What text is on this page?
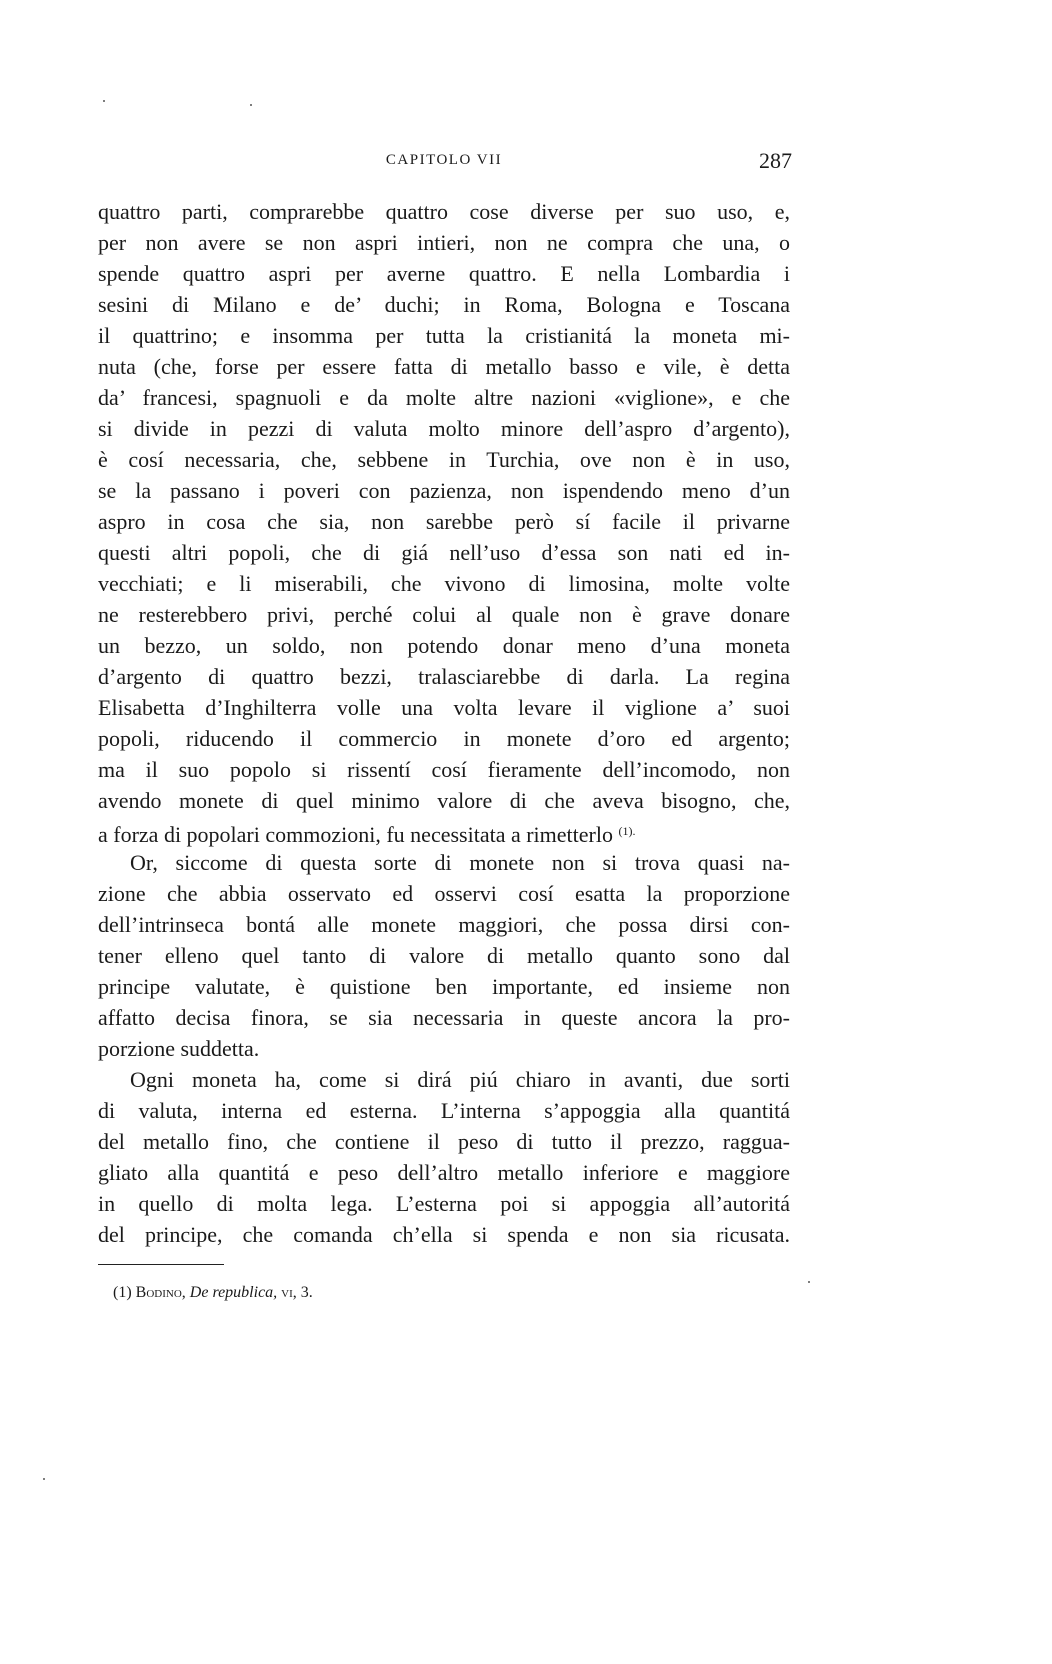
CAPITOLO VII	287
quattro parti, comprarebbe quattro cose diverse per suo uso, e,
per non avere se non aspri intieri, non ne compra che una, o
spende quattro aspri per averne quattro. E nella Lombardia i
sesini di Milano e de’ duchi; in Roma, Bologna e Toscana
il quattrino; e insomma per tutta la cristianitá la moneta mi-
nuta (che, forse per essere fatta di metallo basso e vile, è detta
da’ francesi, spagnuoli e da molte altre nazioni «viglione», e che
si divide in pezzi di valuta molto minore dell’aspro d’argento),
è cosí necessaria, che, sebbene in Turchia, ove non è in uso,
se la passano i poveri con pazienza, non ispendendo meno d’un
aspro in cosa che sia, non sarebbe però sí facile il privarne
questi altri popoli, che di giá nell’uso d’essa son nati ed in-
vecchiati; e li miserabili, che vivono di limosina, molte volte
ne resterebbero privi, perché colui al quale non è grave donare
un bezzo, un soldo, non potendo donar meno d’una moneta
d’argento di quattro bezzi, tralasciarebbe di darla. La regina
Elisabetta d’Inghilterra volle una volta levare il viglione a’ suoi
popoli, riducendo il commercio in monete d’oro ed argento;
ma il suo popolo si rissentí cosí fieramente dell’incomodo, non
avendo monete di quel minimo valore di che aveva bisogno, che,
a forza di popolari commozioni, fu necessitata a rimetterlo $^{(1).}$
Or, siccome di questa sorte di monete non si trova quasi na-
zione che abbia osservato ed osservi cosí esatta la proporzione
dell’intrinseca bontá alle monete maggiori, che possa dirsi con-
tener elleno quel tanto di valore di metallo quanto sono dal
principe valutate, è quistione ben importante, ed insieme non
affatto decisa finora, se sia necessaria in queste ancora la pro-
porzione suddetta.
Ogni moneta ha, come si dirá piú chiaro in avanti, due sorti
di valuta, interna ed esterna. L’interna s’appoggia alla quantitá
del metallo fino, che contiene il peso di tutto il prezzo, ragguа-
gliato alla quantitá e peso dell’altro metallo inferiore e maggiore
in quello di molta lega. L’esterna poi si appoggia all’autoritá
del principe, che comanda ch’ella si spenda e non sia ricusata.
(1) Bodino, De republica, vi, 3.
